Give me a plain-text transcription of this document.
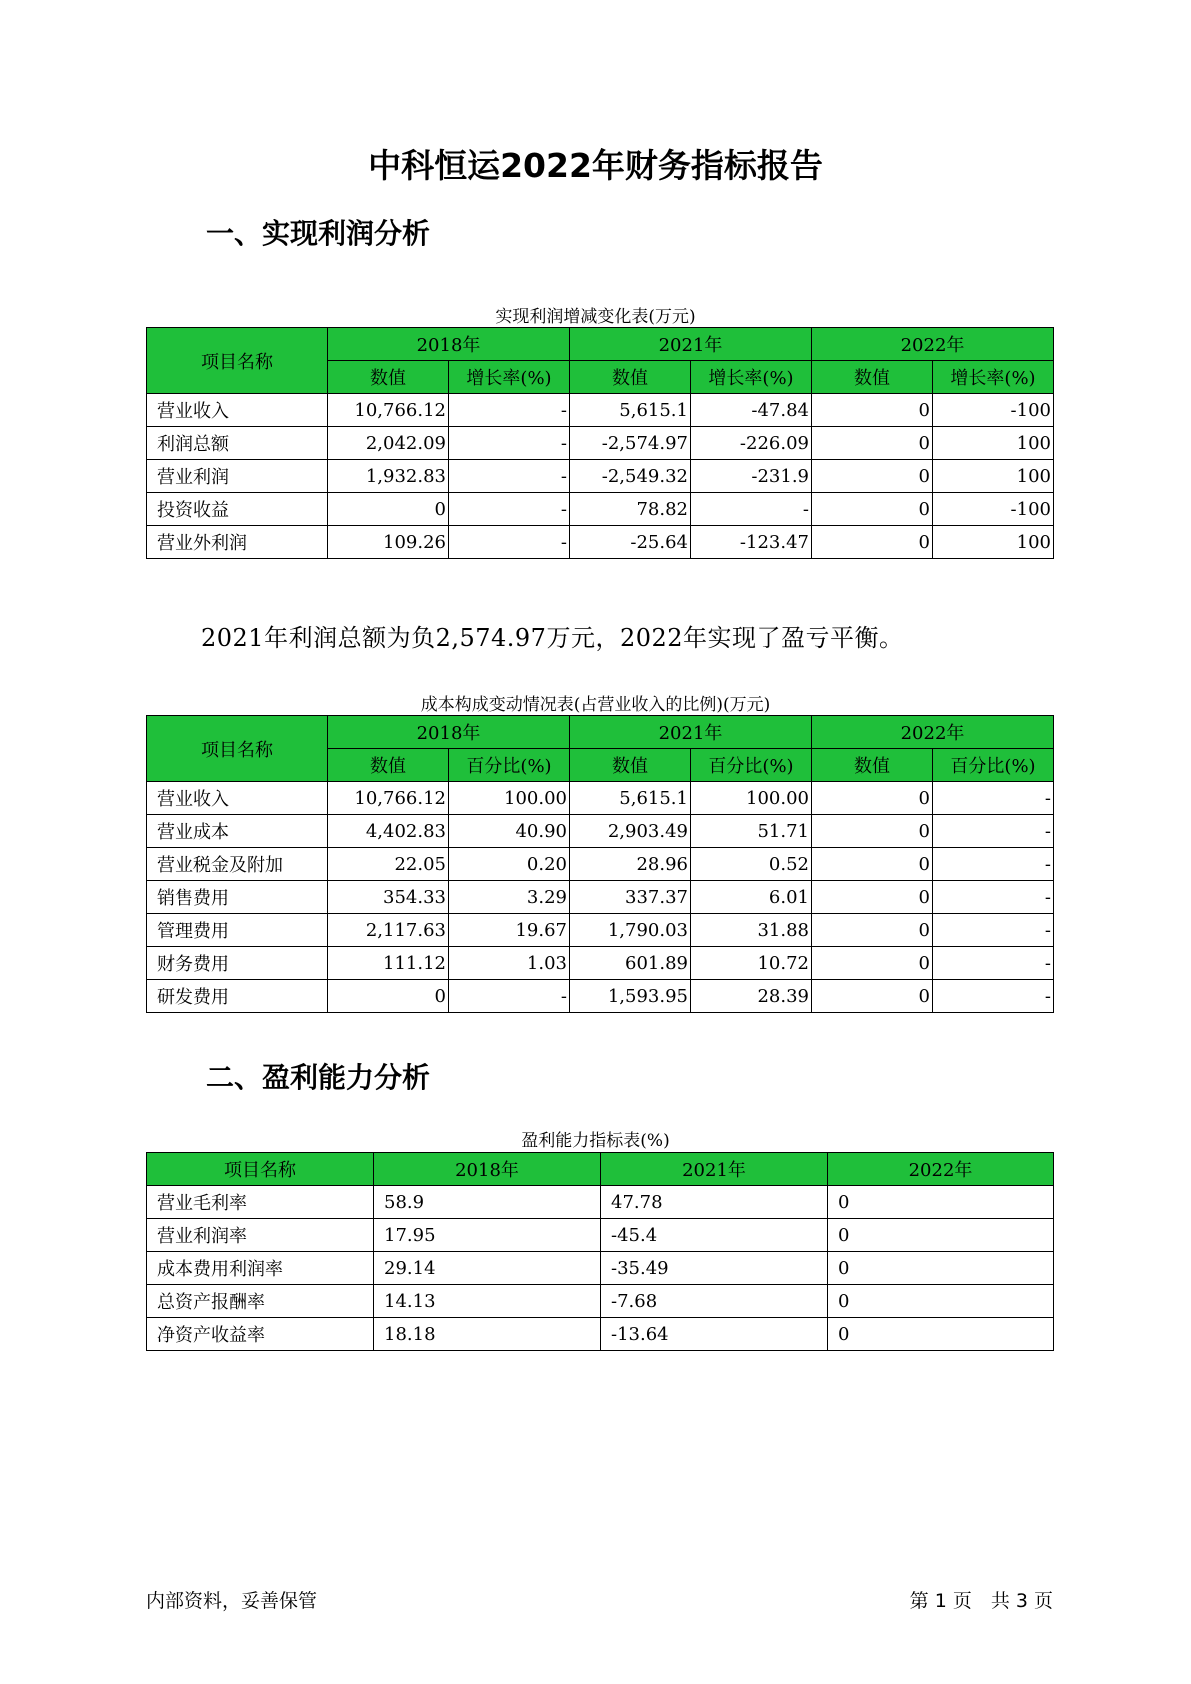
中科恒运2022年财务指标报告
一、实现利润分析
实现利润增减变化表(万元)
项目名称	2018年		2021年		2022年	
	数值	增长率(%)	数值	增长率(%)	数值	增长率(%)
营业收入	10,766.12	-	5,615.1	-47.84	0	-100
利润总额	2,042.09	-	-2,574.97	-226.09	0	100
营业利润	1,932.83	-	-2,549.32	-231.9	0	100
投资收益	0	-	78.82	-	0	-100
营业外利润	109.26	-	-25.64	-123.47	0	100
2021年利润总额为负2,574.97万元，2022年实现了盈亏平衡。
成本构成变动情况表(占营业收入的比例)(万元)
项目名称	2018年		2021年		2022年	
	数值	百分比(%)	数值	百分比(%)	数值	百分比(%)
营业收入	10,766.12	100.00	5,615.1	100.00	0	-
营业成本	4,402.83	40.90	2,903.49	51.71	0	-
营业税金及附加	22.05	0.20	28.96	0.52	0	-
销售费用	354.33	3.29	337.37	6.01	0	-
管理费用	2,117.63	19.67	1,790.03	31.88	0	-
财务费用	111.12	1.03	601.89	10.72	0	-
研发费用	0	-	1,593.95	28.39	0	-
二、盈利能力分析
盈利能力指标表(%)
项目名称	2018年	2021年	2022年
营业毛利率	58.9	47.78	0
营业利润率	17.95	-45.4	0
成本费用利润率	29.14	-35.49	0
总资产报酬率	14.13	-7.68	0
净资产收益率	18.18	-13.64	0
内部资料，妥善保管	第 1 页　共 3 页
